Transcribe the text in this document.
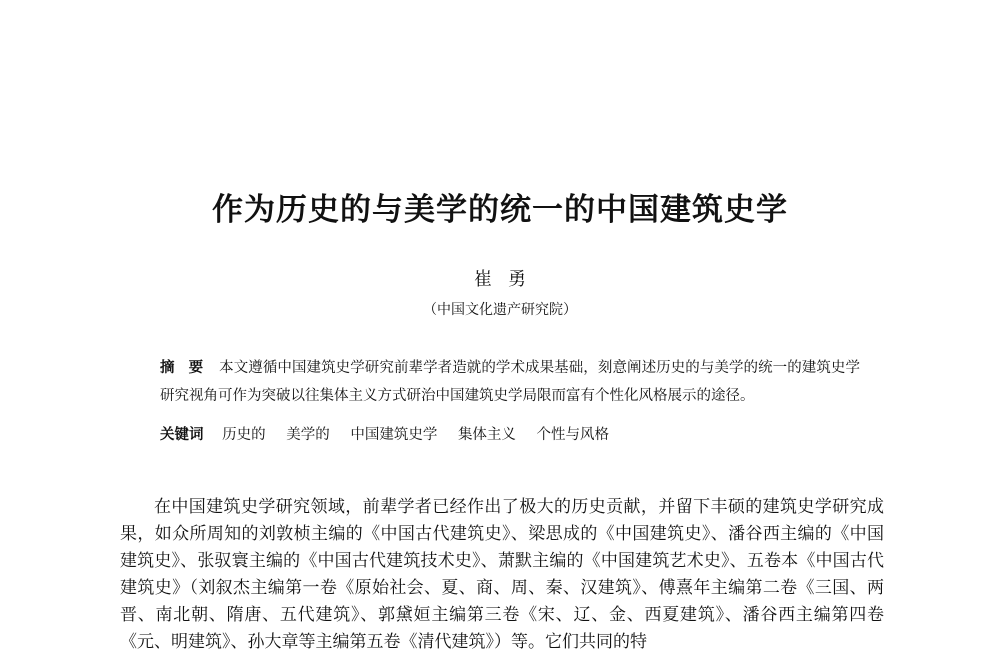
作为历史的与美学的统一的中国建筑史学
崔勇
（中国文化遗产研究院）
摘要 本文遵循中国建筑史学研究前辈学者造就的学术成果基础，刻意阐述历史的与美学的统一的建筑史学研究视角可作为突破以往集体主义方式研治中国建筑史学局限而富有个性化风格展示的途径。
关键词 历史的 美学的 中国建筑史学 集体主义 个性与风格

在中国建筑史学研究领域，前辈学者已经作出了极大的历史贡献，并留下丰硕的建筑史学研究成果，如众所周知的刘敦桢主编的《中国古代建筑史》、梁思成的《中国建筑史》、潘谷西主编的《中国建筑史》、张驭寰主编的《中国古代建筑技术史》、萧默主编的《中国建筑艺术史》、五卷本《中国古代建筑史》（刘叙杰主编第一卷《原始社会、夏、商、周、秦、汉建筑》、傅熹年主编第二卷《三国、两晋、南北朝、隋唐、五代建筑》、郭黛姮主编第三卷《宋、辽、金、西夏建筑》、潘谷西主编第四卷《元、明建筑》、孙大章等主编第五卷《清代建筑》）等。它们共同的特
